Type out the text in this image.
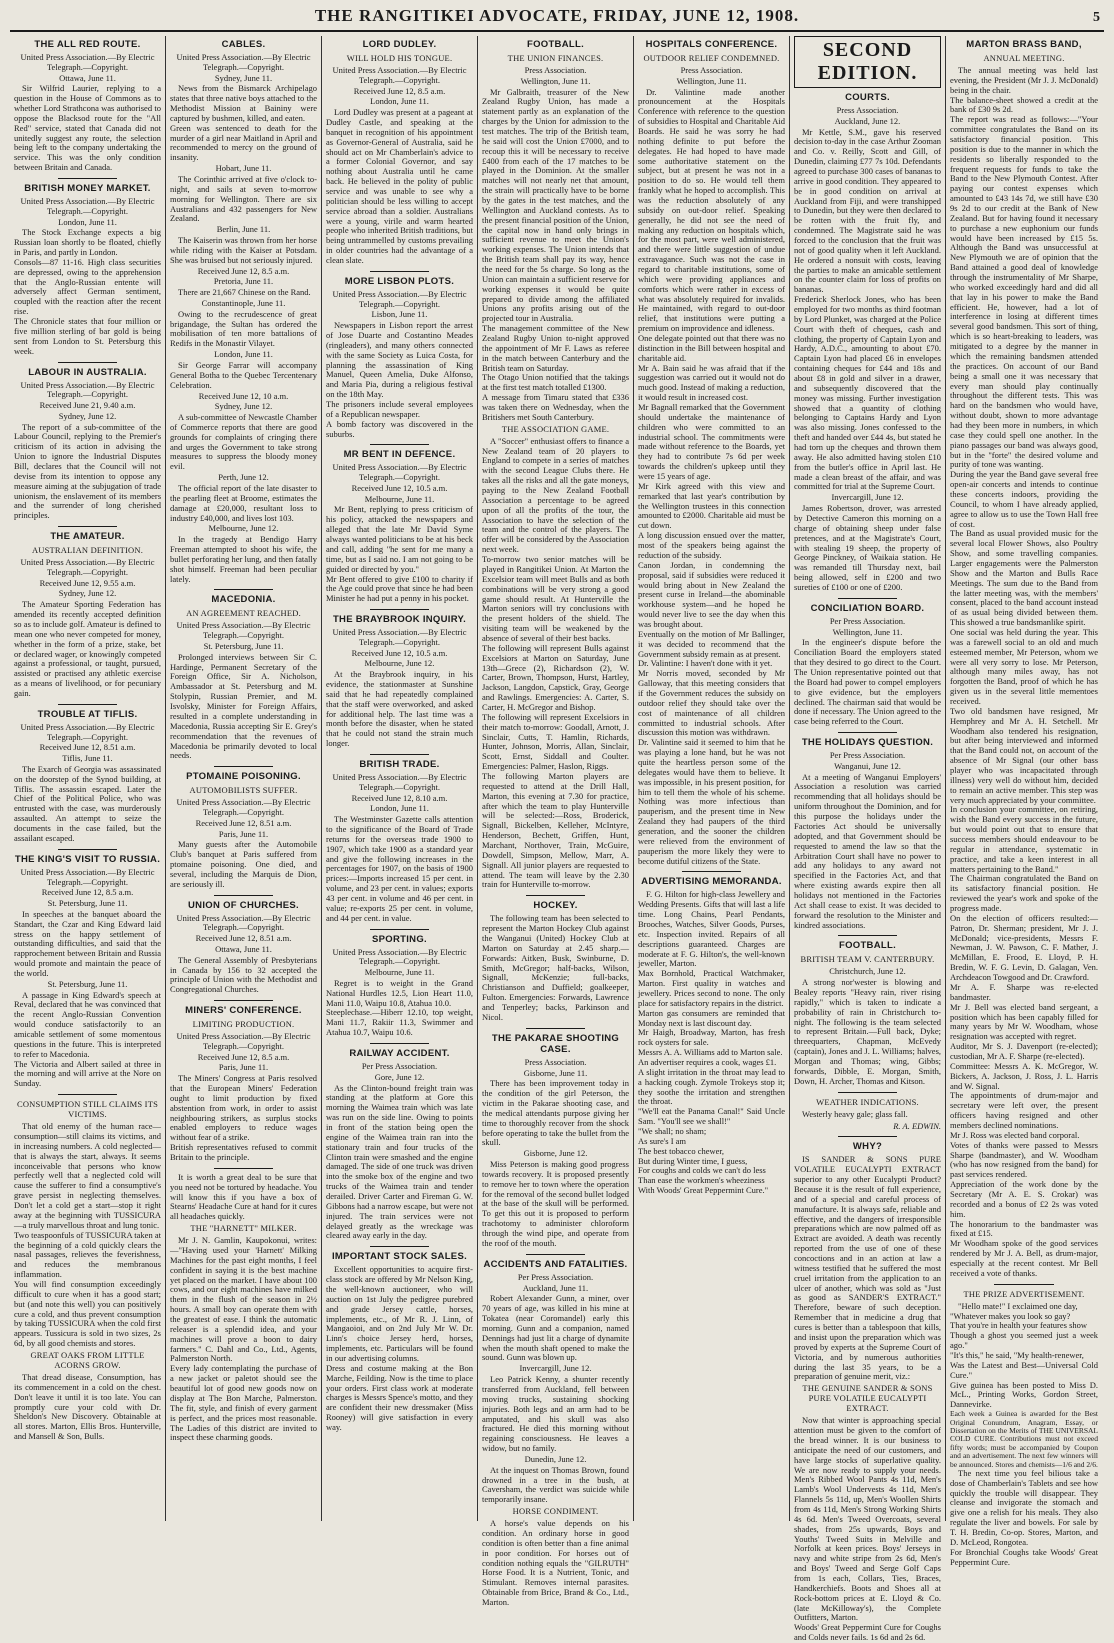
THE RANGITIKEI ADVOCATE, FRIDAY, JUNE 12, 1908.	5
THE ALL RED ROUTE.

United Press Association.—By Electric Telegraph.—Copyright.

Ottawa, June 11.

Sir Wilfrid Laurier, replying to a question in the House of Commons as to whether Lord Strathcona was authorised to oppose the Blacksod route for the "All Red" service, stated that Canada did not unitedly suggest any route, the selection being left to the company undertaking the service. This was the only condition between Britain and Canada.

BRITISH MONEY MARKET.

United Press Association.—By Electric Telegraph.—Copyright.

London, June 11.

The Stock Exchange expects a big Russian loan shortly to be floated, chiefly in Paris, and partly in London.
Consols—87 11-16. High class securities are depressed, owing to the apprehension that the Anglo-Russian entente will adversely affect German sentiment, coupled with the reaction after the recent rise.
The Chronicle states that four million or five million sterling of bar gold is being sent from London to St. Petersburg this week.

LABOUR IN AUSTRALIA.

United Press Association.—By Electric Telegraph.—Copyright.

Received June 21, 9.40 a.m.

Sydney, June 12.

The report of a sub-committee of the Labour Council, replying to the Premier's criticism of its action in advising the Union to ignore the Industrial Disputes Bill, declares that the Council will not devise from its intention to oppose any measure aiming at the subjugation of trade unionism, the enslavement of its members and the surrender of long cherished principles.

THE AMATEUR.
AUSTRALIAN DEFINITION.

United Press Association.—By Electric Telegraph.—Copyright.

Received June 12, 9.55 a.m.

Sydney, June 12.

The Amateur Sporting Federation has amended its recently accepted definition so as to include golf. Amateur is defined to mean one who never competed for money, whether in the form of a prize, stake, bet or declared wager, or knowingly competed against a professional, or taught, pursued, assisted or practised any athletic exercise as a means of livelihood, or for pecuniary gain.

TROUBLE AT TIFLIS.

United Press Association.—By Electric Telegraph.—Copyright.

Received June 12, 8.51 a.m.

Tiflis, June 11.

The Exarch of Georgia was assassinated on the doorstep of the Synod building, at Tiflis. The assassin escaped. Later the Chief of the Political Police, who was entrusted with the case, was murderously assaulted. An attempt to seize the documents in the case failed, but the assailant escaped.

THE KING'S VISIT TO RUSSIA.

United Press Association.—By Electric Telegraph.—Copyright.

Received June 12, 8.5 a.m.

St. Petersburg, June 11.

In speeches at the banquet aboard the Standart, the Czar and King Edward laid stress on the happy settlement of outstanding difficulties, and said that the rapprochement between Britain and Russia would promote and maintain the peace of the world.

St. Petersburg, June 11.

A passage in King Edward's speech at Reval, declared that he was convinced that the recent Anglo-Russian Convention would conduce satisfactorily to an amicable settlement of some momentous questions in the future. This is interpreted to refer to Macedonia.
The Victoria and Albert sailed at three in the morning and will arrive at the Nore on Sunday.

CONSUMPTION STILL CLAIMS ITS VICTIMS.

That old enemy of the human race—consumption—still claims its victims, and in increasing numbers. A cold neglected—that is always the start, always. It seems inconceivable that persons who know perfectly well that a neglected cold will cause the sufferer to find a consumptive's grave persist in neglecting themselves. Don't let a cold get a start—stop it right away at the beginning with TUSSICURA—a truly marvellous throat and lung tonic.
Two teaspoonfuls of TUSSICURA taken at the beginning of a cold quickly clears the nasal passages, relieves the feverishness, and reduces the membranous inflammation.
You will find consumption exceedingly difficult to cure when it has a good start; but (and note this well) you can positively cure a cold, and thus prevent consumption by taking TUSSICURA when the cold first appears. Tussicura is sold in two sizes, 2s 6d, by all good chemists and stores.

GREAT OAKS FROM LITTLE ACORNS GROW.

That dread disease, Consumption, has its commencement in a cold on the chest. Don't leave it until it is too late. You can promptly cure your cold with Dr. Sheldon's New Discovery. Obtainable at all stores. Marton, Ellis Bros. Hunterville, and Mansell & Son, Bulls.

CABLES.

United Press Association.—By Electric Telegraph.—Copyright.

Sydney, June 11.

News from the Bismarck Archipelago states that three native boys attached to the Methodist Mission at Baininy were captured by bushmen, killed, and eaten.
Green was sentenced to death for the murder of a girl near Maitland in April and recommended to mercy on the ground of insanity.

Hobart, June 11.

The Corinthic arrived at five o'clock to-night, and sails at seven to-morrow morning for Wellington. There are six Australians and 432 passengers for New Zealand.

Berlin, June 11.

The Kaiserin was thrown from her horse while riding with the Kaiser at Potsdam. She was bruised but not seriously injured.

Received June 12, 8.5 a.m.

Pretoria, June 11.

There are 21,667 Chinese on the Rand.

Constantinople, June 11.

Owing to the recrudescence of great brigandage, the Sultan has ordered the mobilisation of ten more battalions of Redifs in the Monastir Vilayet.

London, June 11.

Sir George Farrar will accompany General Botha to the Quebec Tercentenary Celebration.

Received June 12, 10 a.m.

Sydney, June 12.

A sub-committee of Newcastle Chamber of Commerce reports that there are good grounds for complaints of cringing there and urges the Government to take strong measures to suppress the bloody money evil.

Perth, June 12.

The official report of the late disaster to the pearling fleet at Broome, estimates the damage at £20,000, resultant loss to industry £40,000, and lives lost 103.

Melbourne, June 12.

In the tragedy at Bendigo Harry Freeman attempted to shoot his wife, the bullet perforating her lung, and then fatally shot himself. Freeman had been peculiar lately.

MACEDONIA.
AN AGREEMENT REACHED.

United Press Association.—By Electric Telegraph.—Copyright.

St. Petersburg, June 11.

Prolonged interviews between Sir C. Hardinge, Permanent Secretary of the Foreign Office, Sir A. Nicholson, Ambassador at St. Petersburg and M. Stolypin, Russian Premier, and M. Isvolsky, Minister for Foreign Affairs, resulted in a complete understanding in Macedonia, Russia accepting Sir E. Grey's recommendation that the revenues of Macedonia be primarily devoted to local needs.

PTOMAINE POISONING.
AUTOMOBILISTS SUFFER.

United Press Association.—By Electric Telegraph.—Copyright.

Received June 12, 8.51 a.m.

Paris, June 11.

Many guests after the Automobile Club's banquet at Paris suffered from ptomaine poisoning. One died, and several, including the Marquis de Dion, are seriously ill.

UNION OF CHURCHES.

United Press Association.—By Electric Telegraph.—Copyright.

Received June 12, 8.51 a.m.

Ottawa, June 11.

The General Assembly of Presbyterians in Canada by 156 to 32 accepted the principle of Union with the Methodist and Congregational Churches.

MINERS' CONFERENCE.
LIMITING PRODUCTION.

United Press Association.—By Electric Telegraph.—Copyright.

Received June 12, 8.5 a.m.

Paris, June 11.

The Miners' Congress at Paris resolved that the European Miners' Federation ought to limit production by fixed abstention from work, in order to assist neighbouring strikers, as surplus stocks enabled employers to reduce wages without fear of a strike.
British representatives refused to commit Britain to the principle.

It is worth a great deal to be sure that you need not be tortured by headache. You will know this if you have a box of Stearns' Headache Cure at hand for it cures all headaches quickly.

THE "HARNETT" MILKER.

Mr J. N. Gamlin, Kaupokonui, writes:—"Having used your 'Harnett' Milking Machines for the past eight months, I feel confident in saying it is the best machine yet placed on the market. I have about 100 cows, and our eight machines have milked them in the flush of the season in 2½ hours. A small boy can operate them with the greatest of ease. I think the automatic releaser is a splendid idea, and your machines will prove a boon to dairy farmers." C. Dahl and Co., Ltd., Agents, Palmerston North.
Every lady contemplating the purchase of a new jacket or paletot should see the beautiful lot of good new goods now on display at The Bon Marche, Palmerston. The fit, style, and finish of every garment is perfect, and the prices most reasonable. The Ladies of this district are invited to inspect these charming goods.

LORD DUDLEY.
WILL HOLD HIS TONGUE.

United Press Association.—By Electric Telegraph.—Copyright.

Received June 12, 8.5 a.m.

London, June 11.

Lord Dudley was present at a pageant at Dudley Castle, and speaking at the banquet in recognition of his appointment as Governor-General of Australia, said he should act on Mr Chamberlain's advice to a former Colonial Governor, and say nothing about Australia until he came back. He believed in the polity of public service and was unable to see why a politician should be less willing to accept service abroad than a soldier. Australians were a young, virile and warm hearted people who inherited British traditions, but being untrammelled by customs prevailing in older countries had the advantage of a clean slate.

MORE LISBON PLOTS.

United Press Association.—By Electric Telegraph.—Copyright.

Lisbon, June 11.

Newspapers in Lisbon report the arrest of Jose Duarte and Costantino Meades (ringleaders), and many others connected with the same Society as Luica Costa, for planning the assassination of King Manuel, Queen Amelia, Duke Alfonso, and Maria Pia, during a religious festival on the 18th May.
The prisoners include several employees of a Republican newspaper.
A bomb factory was discovered in the suburbs.

MR BENT IN DEFENCE.

United Press Association.—By Electric Telegraph.—Copyright.

Received June 12, 10.5 a.m.

Melbourne, June 11.

Mr Bent, replying to press criticism of his policy, attacked the newspapers and alleged that the late Mr David Syme always wanted politicians to be at his beck and call, adding "he sent for me many a time, but as I said no. I am not going to be guided or directed by you."
Mr Bent offered to give £100 to charity if the Age could prove that since he had been Minister he had put a penny in his pocket.

THE BRAYBROOK INQUIRY.

United Press Association.—By Electric Telegraph.—Copyright.

Received June 12, 10.5 a.m.

Melbourne, June 12.

At the Braybrook inquiry, in his evidence, the stationmaster at Sunshine said that he had repeatedly complained that the staff were overworked, and asked for additional help. The last time was a month before the disaster, when he stated that he could not stand the strain much longer.

BRITISH TRADE.

United Press Association.—By Electric Telegraph.—Copyright.

Received June 12, 8.10 a.m.

London, June 11.

The Westminster Gazette calls attention to the significance of the Board of Trade returns for the overseas trade 1900 to 1907, which take 1900 as a standard year and give the following increases in the percentages for 1907, on the basis of 1900 prices:—Imports increased 15 per cent. in volume, and 23 per cent. in values; exports 43 per cent. in volume and 46 per cent. in value; re-exports 25 per cent. in volume, and 44 per cent. in value.

SPORTING.

United Press Association.—By Electric Telegraph.—Copyright.

Melbourne, June 11.

Regret is to weight in the Grand National Hurdles 12.5, Lion Heart 11.0, Mani 11.0, Waipu 10.8, Atahua 10.0.
Steeplechase.—Hiberr 12.10, top weight, Mani 11.7, Rakiir 11.3, Swimmer and Atahua 10.7, Waipu 10.6.

RAILWAY ACCIDENT.

Per Press Association.

Gore, June 12.

As the Clinton-bound freight train was standing at the platform at Gore this morning the Waimea train which was late was run on the side line. Owing to points in front of the station being open the engine of the Waimea train ran into the stationary train and four trucks of the Clinton train were smashed and the engine damaged. The side of one truck was driven into the smoke box of the engine and two trucks of the Waimea train and tender derailed. Driver Carter and Fireman G. W. Gibbons had a narrow escape, but were not injured. The train services were not delayed greatly as the wreckage was cleared away early in the day.

IMPORTANT STOCK SALES.

Excellent opportunities to acquire first-class stock are offered by Mr Nelson King, the well-known auctioneer, who will auction on 1st July the pedigree purebred and grade Jersey cattle, horses, implements, etc., of Mr R. J. Linn, of Mangaoioi, and on 2nd July Mr W. Dr. Linn's choice Jersey herd, horses, implements, etc. Particulars will be found in our advertising columns.
Dress and costume making at the Bon Marche, Feilding. Now is the time to place your orders. First class work at moderate charges is Messrs Spence's motto, and they are confident their new dressmaker (Miss Rooney) will give satisfaction in every way.

FOOTBALL.
THE UNION FINANCES.

Press Association.

Wellington, June 11.

Mr Galbraith, treasurer of the New Zealand Rugby Union, has made a statement partly as an explanation of the charges by the Union for admission to the test matches. The trip of the British team, he said will cost the Union £7000, and to recoup this it will be necessary to receive £400 from each of the 17 matches to be played in the Dominion. At the smaller matches will not nearly net that amount, the strain will practically have to be borne by the gates in the test matches, and the Wellington and Auckland contests. As to the present financial position of the Union, the capital now in hand only brings in sufficient revenue to meet the Union's working expenses. The Union intends that the British team shall pay its way, hence the need for the 5s charge. So long as the Union can maintain a sufficient reserve for working expenses it would be quite prepared to divide among the affiliated Unions any profits arising out of the projected tour in Australia.
The management committee of the New Zealand Rugby Union to-night approved the appointment of Mr F. Laws as referee in the match between Canterbury and the British team on Saturday.
The Otago Union notified that the takings at the first test match totalled £1300.
A message from Timaru stated that £336 was taken there on Wednesday, when the Britishers met South Canterbury.

THE ASSOCIATION GAME.

A "Soccer" enthusiast offers to finance a New Zealand team of 20 players to England to compete in a series of matches with the second League Clubs there. He takes all the risks and all the gate moneys, paying to the New Zealand Football Association a percentage to be agreed upon of all the profits of the tour, the Association to have the selection of the team and the control of the players. The offer will be considered by the Association next week.
To-morrow two senior matches will be played in Rangitikei Union. At Marton the Excelsior team will meet Bulls and as both combinations will be very strong a good game should result. At Hunterville the Marton seniors will try conclusions with the present holders of the shield. The visiting team will be weakened by the absence of several of their best backs.
The following will represent Bulls against Excelsiors at Marton on Saturday, June 13th—Grece (2), Richardson (2), W. Carter, Brown, Thompson, Hurst, Hartley, Jackson, Langdon, Capstick, Gray, George and Rawlings. Emergencies: A. Carter, S. Carter, H. McGregor and Bishop.
The following will represent Excelsiors in their match to-morrow: Goodall, Arnott, J. Sinclair, Cutts, T. Hamlin, Richards, Hunter, Johnson, Morris, Allan, Sinclair, Scott, Ernst, Siddall and Coulter. Emergencies: Palmer, Haslon, Riggs.
The following Marton players are requested to attend at the Drill Hall, Marton, this evening at 7.30 for practice, after which the team to play Hunterville will be selected:—Ross, Broderick, Signall, Bickelben, Kelleher, McIntyre, Henderson, Bechett, Griffen, Hunt, Marchant, Northover, Train, McGuire, Dowdell, Simpson, Mellow, Marr, A. Signall. All junior players are requested to attend. The team will leave by the 2.30 train for Hunterville to-morrow.

HOCKEY.

The following team has been selected to represent the Marton Hockey Club against the Wanganui (United) Hockey Club at Marton on Saturday at 2.45 sharp.—Forwards: Aitken, Busk, Swinburne, D. Smith, McGregor; half-backs, Wilson, Signall, McKenzie; full-backs, Christianson and Duffield; goalkeeper, Fulton. Emergencies: Forwards, Lawrence and Tenperley; backs, Parkinson and Nicol.

THE PAKARAE SHOOTING CASE.

Press Association.

Gisborne, June 11.

There has been improvement today in the condition of the girl Peterson, the victim in the Pakarae shooting case, and the medical attendants purpose giving her time to thoroughly recover from the shock before operating to take the bullet from the skull.

Gisborne, June 12.

Miss Peterson is making good progress towards recovery. It is proposed presently to remove her to town where the operation for the removal of the second bullet lodged at the base of the skull will be performed. To get this out it is proposed to perform trachotomy to administer chloroform through the wind pipe, and operate from the roof of the mouth.

ACCIDENTS AND FATALITIES.

Per Press Association.

Auckland, June 11.

Robert Alexander Gunn, a miner, over 70 years of age, was killed in his mine at Tokatea (near Coromandel) early this morning. Gunn and a companion, named Dennings had just lit a charge of dynamite when the mouth shaft opened to make the sound. Gunn was blown up.

Invercargill, June 12.

Leo Patrick Kenny, a shunter recently transferred from Auckland, fell between moving trucks, sustaining shocking injuries. Both legs and an arm had to be amputated, and his skull was also fractured. He died this morning without regaining consciousness. He leaves a widow, but no family.

Dunedin, June 12.

At the inquest on Thomas Brown, found drowned in a tree in the bush, at Caversham, the verdict was suicide while temporarily insane.

HORSE CONDIMENT.

A horse's value depends on his condition. An ordinary horse in good condition is often better than a fine animal in poor condition. For horses out of condition nothing equals the "GILRUTH" Horse Food. It is a Nutrient, Tonic, and Stimulant. Removes internal parasites. Obtainable from Brice, Brand & Co., Ltd., Marton.

HOSPITALS CONFERENCE.
OUTDOOR RELIEF CONDEMNED.

Press Association.

Wellington, June 11.

Dr. Valintine made another pronouncement at the Hospitals Conference with reference to the question of subsidies to Hospital and Charitable Aid Boards. He said he was sorry he had nothing definite to put before the delegates. He had hoped to have made some authoritative statement on the subject, but at present he was not in a position to do so. He would tell them frankly what he hoped to accomplish. This was the reduction absolutely of any subsidy on out-door relief. Speaking generally, he did not see the need of making any reduction on hospitals which, for the most part, were well administered, and there were little suggestion of undue extravagance. Such was not the case in regard to charitable institutions, some of which were providing appliances and comforts which were rather in excess of what was absolutely required for invalids. He maintained, with regard to out-door relief, that institutions were putting a premium on improvidence and idleness.
One delegate pointed out that there was no distinction in the Bill between hospital and charitable aid.
Mr A. Bain said he was afraid that if the suggestion was carried out it would not do much good. Instead of making a reduction, it would result in increased cost.
Mr Bagnall remarked that the Government should undertake the maintenance of children who were committed to an industrial school. The commitments were made without reference to the Boards, yet they had to contribute 7s 6d per week towards the children's upkeep until they were 15 years of age.
Mr Kirk agreed with this view and remarked that last year's contribution by the Wellington trustees in this connection amounted to £2000. Charitable aid must be cut down.
A long discussion ensued over the matter, most of the speakers being against the reduction of the subsidy.
Canon Jordan, in condemning the proposal, said if subsidies were reduced it would bring about in New Zealand the present curse in Ireland—the abominable workhouse system—and he hoped he would never live to see the day when this was brought about.
Eventually on the motion of Mr Ballinger, it was decided to recommend that the Government subsidy remain as at present.
Dr. Valintine: I haven't done with it yet.
Mr Norris moved, seconded by Mr Galloway, that this meeting considers that if the Government reduces the subsidy on outdoor relief they should take over the cost of maintenance of all children committed to industrial schools. After discussion this motion was withdrawn.
Dr. Valintine said it seemed to him that he was playing a lone hand, but he was not quite the heartless person some of the delegates would have them to believe. It was impossible, in his present position, for him to tell them the whole of his scheme. Nothing was more infectious than pauperism, and the present time in New Zealand they had paupers of the third generation, and the sooner the children were relieved from the environment of pauperism the more likely they were to become dutiful citizens of the State.

ADVERTISING MEMORANDA.

F. G. Hilton for high-class Jewellery and Wedding Presents. Gifts that will last a life time. Long Chains, Pearl Pendants, Brooches, Watches, Silver Goods, Purses, etc. Inspection invited. Repairs of all descriptions guaranteed. Charges are moderate at F. G. Hilton's, the well-known jeweller, Marton.
Max Bornhold, Practical Watchmaker, Marton. First quality in watches and jewellery. Prices second to none. The only place for satisfactory repairs in the district.
Marton gas consumers are reminded that Monday next is last discount day.
Mr Haigh, Broadway, Marton, has fresh rock oysters for sale.
Messrs A. A. Williams add to Marton sale.
An advertiser requires a cook, wages £1.
A slight irritation in the throat may lead to a hacking cough. Zymole Trokeys stop it; they soothe the irritation and strengthen the throat.
"We'll eat the Panama Canal!" Said Uncle Sam. "You'll see we shall!"
"We shall; no sham;
As sure's I am
The best tobacco chewer,
But during Winter time, I guess,
For coughs and colds we can't do less
Than ease the workmen's wheeziness
With Woods' Great Peppermint Cure."

SECOND EDITION.
COURTS.

Press Association.

Auckland, June 12.

Mr Kettle, S.M., gave his reserved decision to-day in the case Arthur Zooman and Co. v. Reilly, Scott and Gill, of Dunedin, claiming £77 7s 10d. Defendants agreed to purchase 300 cases of bananas to arrive in good condition. They appeared to be in good condition on arrival at Auckland from Fiji, and were transhipped to Dunedin, but they were then declared to be rotten with the fruit fly, and condemned. The Magistrate said he was forced to the conclusion that the fruit was not of good quality when it left Auckland. He ordered a nonsuit with costs, leaving the parties to make an amicable settlement on the counter claim for loss of profits on bananas.
Frederick Sherlock Jones, who has been employed for two months as third footman by Lord Plunket, was charged at the Police Court with theft of cheques, cash and clothing, the property of Captain Lyon and Hardy, A.D.C., amounting to about £70. Captain Lyon had placed £6 in envelopes containing cheques for £44 and 18s and about £8 in gold and silver in a drawer, and subsequently discovered that the money was missing. Further investigation showed that a quantity of clothing belonging to Captains Hardy and Lyon was also missing. Jones confessed to the theft and handed over £44 4s, but stated he had torn up the cheques and thrown them away. He also admitted having stolen £10 from the butler's office in April last. He made a clean breast of the affair, and was committed for trial at the Supreme Court.

Invercargill, June 12.

James Robertson, drover, was arrested by Detective Cameron this morning on a charge of obtaining sheep under false pretences, and at the Magistrate's Court, with stealing 19 sheep, the property of George Pinckney, of Waikaia station. He was remanded till Thursday next, bail being allowed, self in £200 and two sureties of £100 or one of £200.

CONCILIATION BOARD.

Per Press Association.

Wellington, June 11.

In the engineer's dispute before the Conciliation Board the employers stated that they desired to go direct to the Court. The Union representative pointed out that the Board had power to compel employers to give evidence, but the employers declined. The chairman said that would be done if necessary. The Union agreed to the case being referred to the Court.

THE HOLIDAYS QUESTION.

Per Press Association.

Wanganui, June 12.

At a meeting of Wanganui Employers' Association a resolution was carried recommending that all holidays should be uniform throughout the Dominion, and for this purpose the holidays under the Factories Act should be universally adopted, and that Government should be requested to amend the law so that the Arbitration Court shall have no power to add any holidays to any award not specified in the Factories Act, and that where existing awards expire then all holidays not mentioned in the Factories Act shall cease to exist. It was decided to forward the resolution to the Minister and kindred associations.

FOOTBALL.
BRITISH TEAM V. CANTERBURY.

Christchurch, June 12.

A strong nor'wester is blowing and Bealey reports "Heavy rain, river rising rapidly," which is taken to indicate a probability of rain in Christchurch to-night. The following is the team selected to represent Britain.—Full back, Dyke; threequarters, Chapman, McEvedy (captain), Jones and J. L. Williams; halves, Morgan and Thomas; wing, Gibbs; forwards, Dibble, E. Morgan, Smith, Down, H. Archer, Thomas and Kitson.

WEATHER INDICATIONS.

Westerly heavy gale; glass fall.

R. A. EDWIN.

WHY?

IS SANDER & SONS PURE VOLATILE EUCALYPTI EXTRACT superior to any other Eucalypti Product? Because it is the result of full experience, and of a special and careful process of manufacture. It is always safe, reliable and effective, and the dangers of irresponsible preparations which are now palmed off as Extract are avoided. A death was recently reported from the use of one of these concoctions and in an action at law a witness testified that he suffered the most cruel irritation from the application to an ulcer of another, which was sold as "Just as good as SANDER'S EXTRACT." Therefore, beware of such deception. Remember that in medicine a drug that cures is better than a tablespoon that kills, and insist upon the preparation which was proved by experts at the Supreme Court of Victoria, and by numerous authorities during the last 35 years, to be a preparation of genuine merit, viz.:

THE GENUINE SANDER & SONS PURE VOLATILE EUCALYPTI EXTRACT.

Now that winter is approaching special attention must be given to the comfort of the bread winner. It is our business to anticipate the need of our customers, and have large stocks of superlative quality. We are now ready to supply your needs. Men's Ribbed Wool Pants 4s 11d, Men's Lamb's Wool Undervests 4s 11d, Men's Flannels 5s 11d, up, Men's Woollen Shirts from 4s 11d, Men's Strong Working Shirts 4s 6d. Men's Tweed Overcoats, several shades, from 25s upwards, Boys and Youths' Tweed Suits in Melville and Norfolk at keen prices. Boys' Jerseys in navy and white stripe from 2s 6d, Men's and Boys' Tweed and Serge Golf Caps from 1s each, Collars, Ties, Braces, Handkerchiefs. Boots and Shoes all at Rock-bottom prices at E. Lloyd & Co. (late McKilloway's), the Complete Outfitters, Marton.
Woods' Great Peppermint Cure for Coughs and Colds never fails. 1s 6d and 2s 6d.

MARTON BRASS BAND,
ANNUAL MEETING.

The annual meeting was held last evening, the President (Mr J. J. McDonald) being in the chair.
The balance-sheet showed a credit at the bank of £30 9s 2d.
The report was read as follows:—"Your committee congratulates the Band on its satisfactory financial position. This position is due to the manner in which the residents so liberally responded to the frequent requests for funds to take the Band to the New Plymouth Contest. After paying our contest expenses which amounted to £43 14s 7d, we still have £30 9s 2d to our credit at the Bank of New Zealand. But for having found it necessary to purchase a new euphonium our funds would have been increased by £15 5s. Although the Band was unsuccessful at New Plymouth we are of opinion that the Band attained a good deal of knowledge through the instrumentality of Mr Sharpe, who worked exceedingly hard and did all that lay in his power to make the Band efficient. He, however, had a lot of interference in losing at different times several good bandsmen. This sort of thing, which is so heart-breaking to leaders, was mitigated to a degree by the manner in which the remaining bandsmen attended the practices. On account of our Band being a small one it was necessary that every man should play continually throughout the different tests. This was hard on the bandsmen who would have, without doubt, shown to more advantage had they been more in numbers, in which case they could spell one another. In the piano passages our band was always good, but in the "forte" the desired volume and purity of tone was wanting.
During the year the Band gave several free open-air concerts and intends to continue these concerts indoors, providing the Council, to whom I have already applied, agree to allow us to use the Town Hall free of cost.
The Band as usual provided music for the several local Flower Shows, also Poultry Show, and some travelling companies. Larger engagements were the Palmerston Show and the Marton and Bulls Race Meetings. The sum due to the Band from the latter meeting was, with the members' consent, placed to the band account instead of as usual being divided between them. This showed a true bandsmanlike spirit.
One social was held during the year. This was a farewell social to an old and much esteemed member, Mr Peterson, whom we were all very sorry to lose. Mr Peterson, although many miles away, has not forgotten the Band, proof of which he has given us in the several little mementoes received.
Two old bandsmen have resigned, Mr Hemphrey and Mr A. H. Setchell. Mr Woodham also tendered his resignation, but after being interviewed and informed that the Band could not, on account of the absence of Mr Signal (our other bass player who was incapacitated through illness) very well do without him, decided to remain an active member. This step was very much appreciated by your committee.
In conclusion your committee, on retiring, wish the Band every success in the future, but would point out that to ensure that success members should endeavour to be regular in attendance, systematic in practice, and take a keen interest in all matters pertaining to the Band."
The Chairman congratulated the Band on its satisfactory financial position. He reviewed the year's work and spoke of the progress made.
On the election of officers resulted:—Patron, Dr. Sherman; president, Mr J. J. McDonald; vice-presidents, Messrs F. Newman, J. W. Pawson, C. F. Mather, J. McMillan, E. Frood, E. Lloyd, P. H. Bredin, W. F. G. Levin, D. Galagan, Ven. Archdeacon Towgood and Dr. Crawford.
Mr A. F. Sharpe was re-elected bandmaster.
Mr J. Bell was elected band sergeant, a position which has been capably filled for many years by Mr W. Woodham, whose resignation was accepted with regret.
Auditor, Mr S. J. Davenport (re-elected); custodian, Mr A. F. Sharpe (re-elected).
Committee: Messrs A. K. McGregor, W. Bickers, A. Jackson, J. Ross, J. L. Harris and W. Signal.
The appointments of drum-major and secretary were left over, the present officers having resigned and other members declined nominations.
Mr J. Ross was elected band corporal.
Votes of thanks were passed to Messrs Sharpe (bandmaster), and W. Woodham (who has now resigned from the band) for past services rendered.
Appreciation of the work done by the Secretary (Mr A. E. S. Crokar) was recorded and a bonus of £2 2s was voted him.
The honorarium to the bandmaster was fixed at £15.
Mr Woodham spoke of the good services rendered by Mr J. A. Bell, as drum-major, especially at the recent contest. Mr Bell received a vote of thanks.

THE PRIZE ADVERTISEMENT.

"Hello mate!" I exclaimed one day,
"Whatever makes you look so gay?
That you're in health your features show
Though a ghost you seemed just a week ago."
"It's this," he said, "My health-renewer,
Was the Latest and Best—Universal Cold Cure."
Give guinea has been posted to Miss D. McL., Printing Works, Gordon Street, Dannevirke.

Each week a Guinea is awarded for the Best Original Conundrum, Anagram, Essay, or Dissertation on the Merits of THE UNIVERSAL COLD CURE. Contributions must not exceed fifty words; must be accompanied by Coupon and an advertisement. The next few winners will be announced. Stores and chemists—1/6 and 2/6.

The next time you feel bilious take a dose of Chamberlain's Tablets and see how quickly the trouble will disappear. They cleanse and invigorate the stomach and give one a relish for his meals. They also regulate the liver and bowels. For sale by T. H. Bredin, Co-op. Stores, Marton, and D. McLeod, Rongotea.
For Bronchial Coughs take Woods' Great Peppermint Cure.
